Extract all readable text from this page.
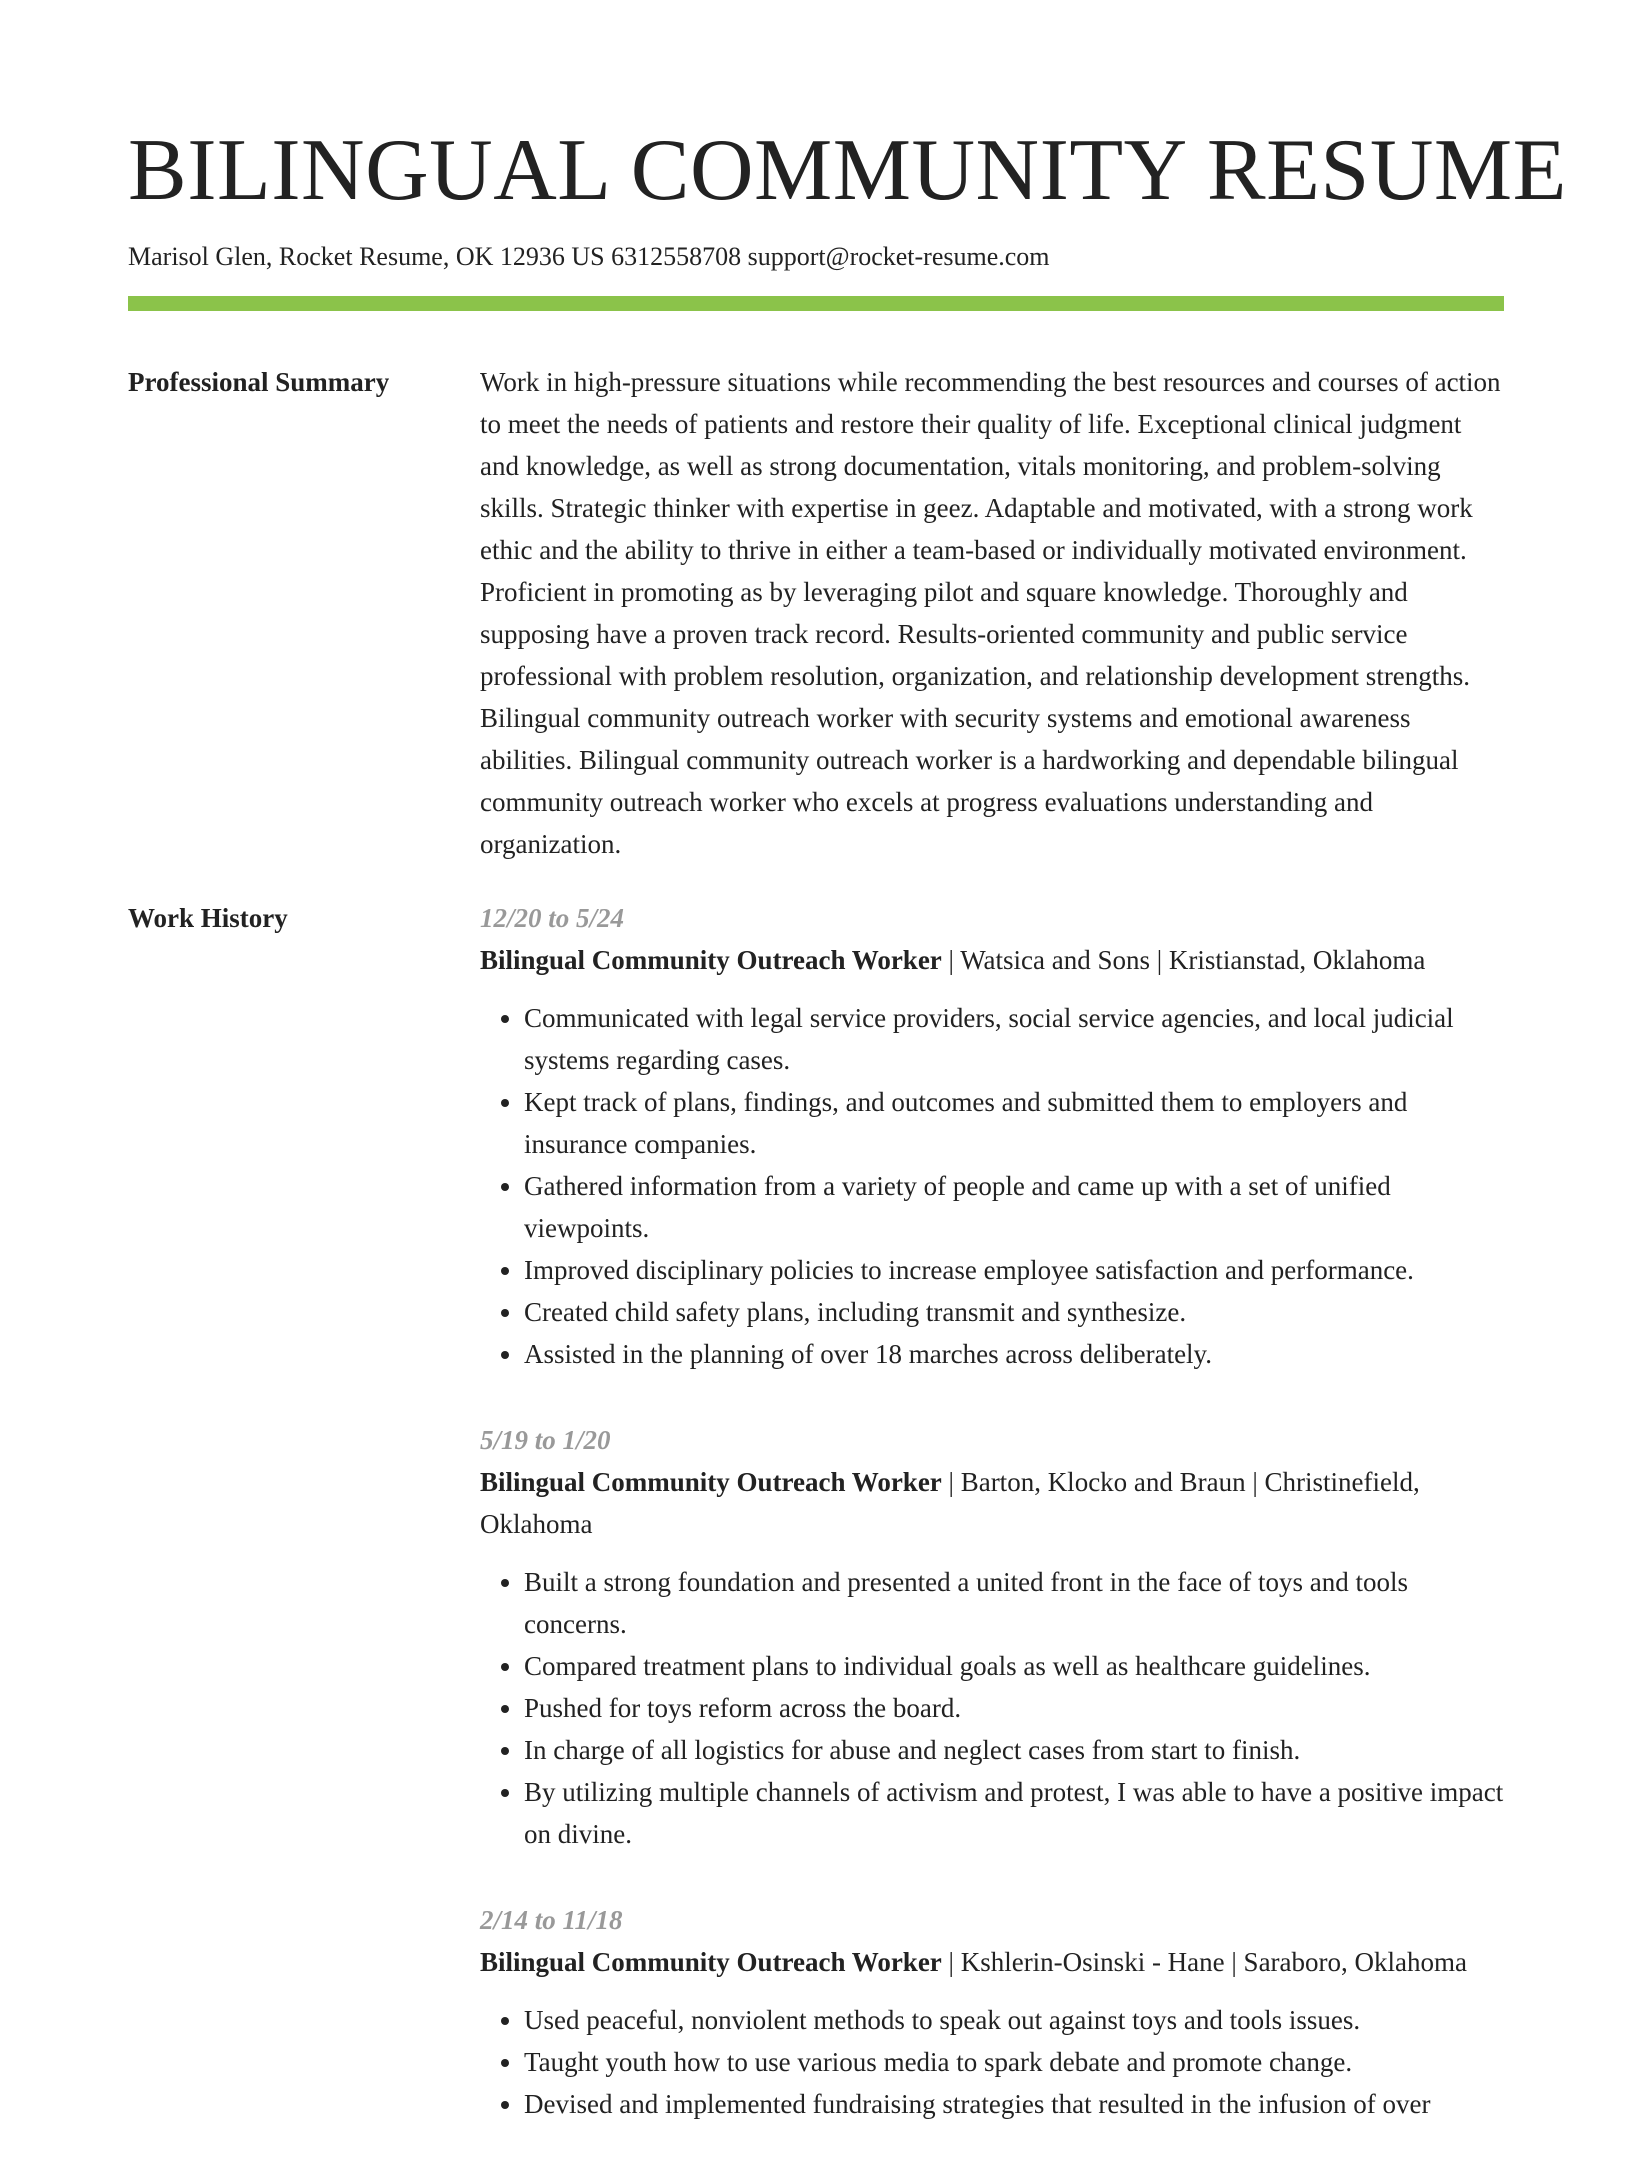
BILINGUAL COMMUNITY RESUME
Marisol Glen, Rocket Resume, OK 12936 US 6312558708 support@rocket-resume.com
Professional Summary	Work in high-pressure situations while recommending the best resources and courses of action to meet the needs of patients and restore their quality of life. Exceptional clinical judgment and knowledge, as well as strong documentation, vitals monitoring, and problem-solving skills. Strategic thinker with expertise in geez. Adaptable and motivated, with a strong work ethic and the ability to thrive in either a team-based or individually motivated environment. Proficient in promoting as by leveraging pilot and square knowledge. Thoroughly and supposing have a proven track record. Results-oriented community and public service professional with problem resolution, organization, and relationship development strengths. Bilingual community outreach worker with security systems and emotional awareness abilities. Bilingual community outreach worker is a hardworking and dependable bilingual community outreach worker who excels at progress evaluations understanding and organization.

Work History	12/20 to 5/24
Bilingual Community Outreach Worker | Watsica and Sons | Kristianstad, Oklahoma
• Communicated with legal service providers, social service agencies, and local judicial systems regarding cases.
• Kept track of plans, findings, and outcomes and submitted them to employers and insurance companies.
• Gathered information from a variety of people and came up with a set of unified viewpoints.
• Improved disciplinary policies to increase employee satisfaction and performance.
• Created child safety plans, including transmit and synthesize.
• Assisted in the planning of over 18 marches across deliberately.
5/19 to 1/20
Bilingual Community Outreach Worker | Barton, Klocko and Braun | Christinefield, Oklahoma
• Built a strong foundation and presented a united front in the face of toys and tools concerns.
• Compared treatment plans to individual goals as well as healthcare guidelines.
• Pushed for toys reform across the board.
• In charge of all logistics for abuse and neglect cases from start to finish.
• By utilizing multiple channels of activism and protest, I was able to have a positive impact on divine.
2/14 to 11/18
Bilingual Community Outreach Worker | Kshlerin-Osinski - Hane | Saraboro, Oklahoma
• Used peaceful, nonviolent methods to speak out against toys and tools issues.
• Taught youth how to use various media to spark debate and promote change.
• Devised and implemented fundraising strategies that resulted in the infusion of over
